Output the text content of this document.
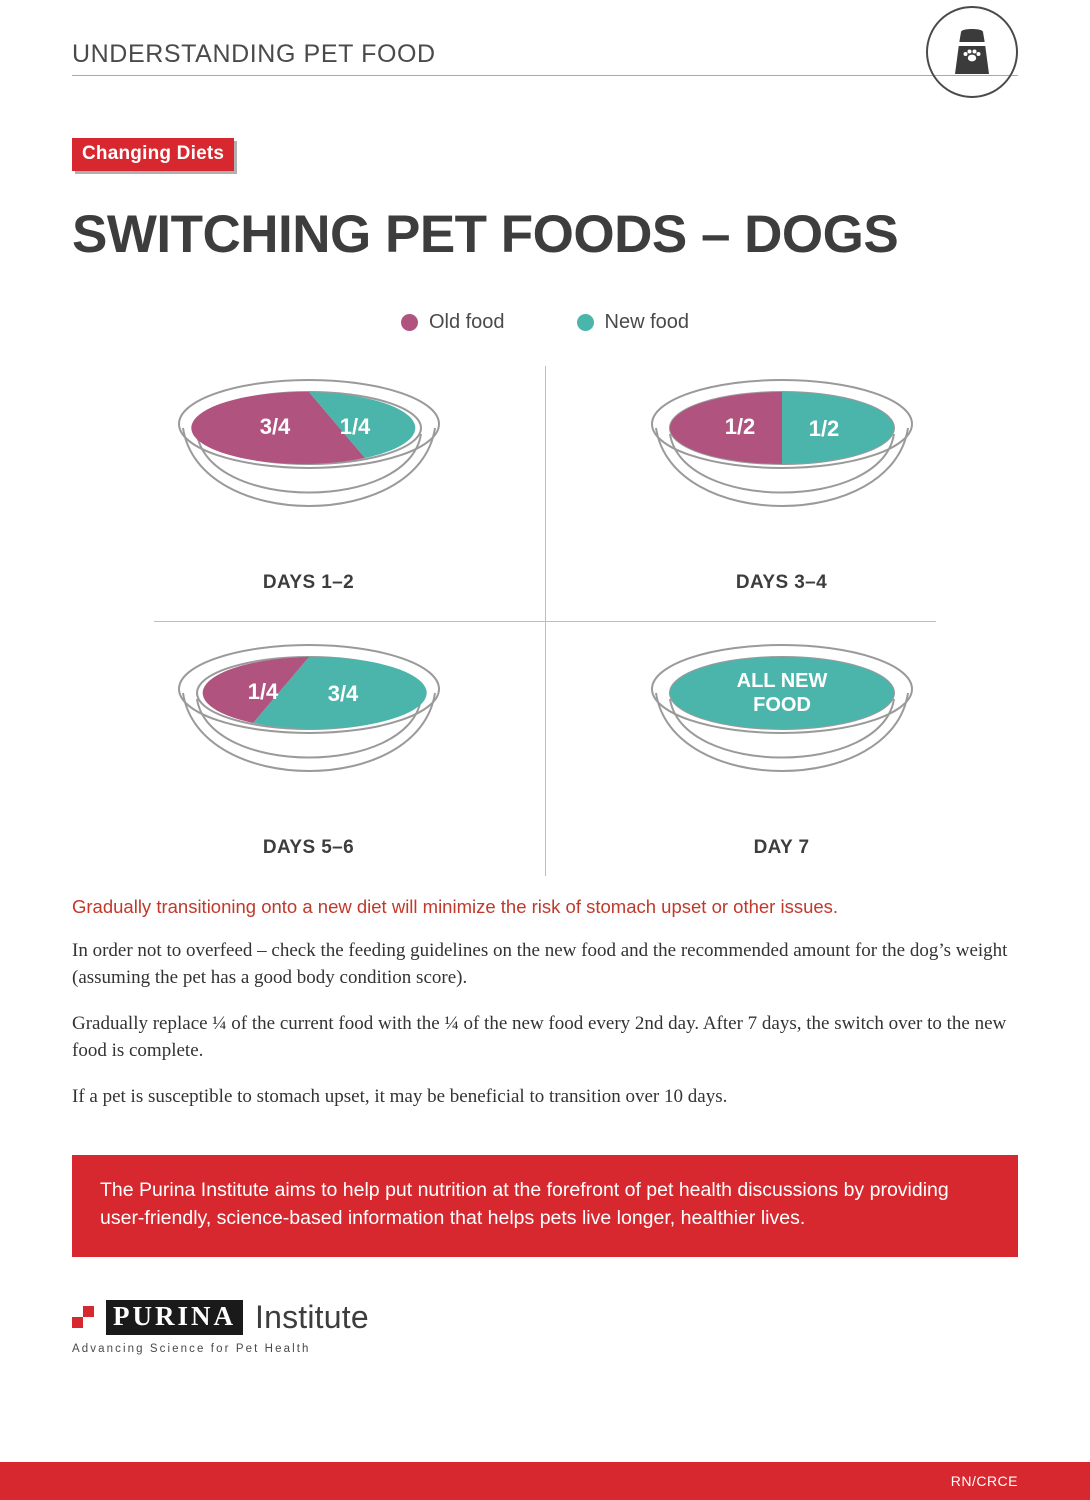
UNDERSTANDING PET FOOD
Changing Diets
SWITCHING PET FOODS – DOGS
Old food	New food
3/4 1/4
DAYS 1–2
1/2 1/2
DAYS 3–4
1/4 3/4
DAYS 5–6
ALL NEW
FOOD
DAY 7
Gradually transitioning onto a new diet will minimize the risk of stomach upset or other issues.

In order not to overfeed – check the feeding guidelines on the new food and the recommended amount for the dog’s weight (assuming the pet has a good body condition score).

Gradually replace ¼ of the current food with the ¼ of the new food every 2nd day. After 7 days, the switch over to the new food is complete.

If a pet is susceptible to stomach upset, it may be beneficial to transition over 10 days.

The Purina Institute aims to help put nutrition at the forefront of pet health discussions by providing user-friendly, science-based information that helps pets live longer, healthier lives.
PURINA Institute
Advancing Science for Pet Health
RN/CRCE
